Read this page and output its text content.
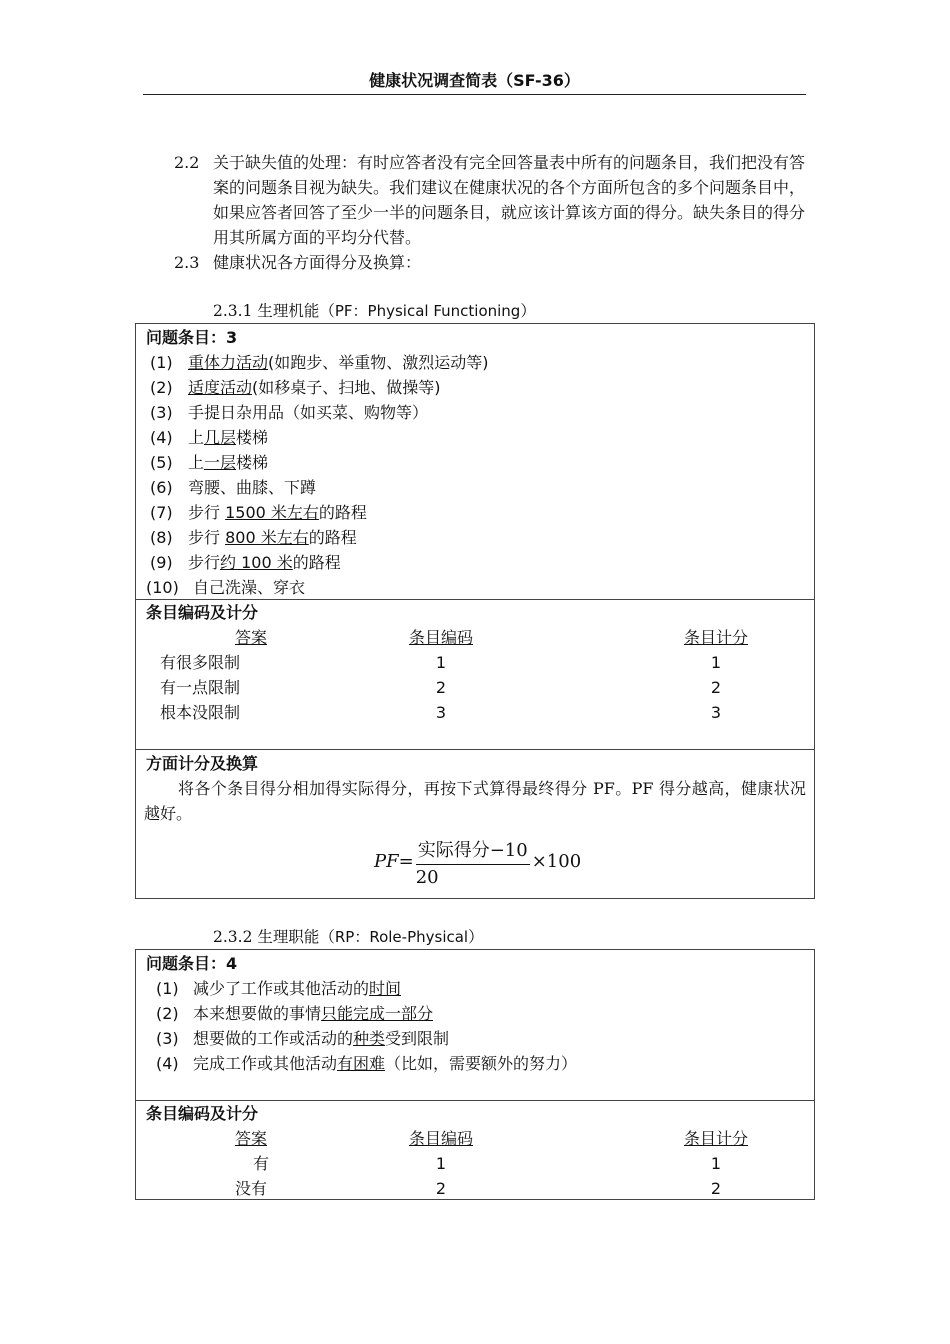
健康状况调查简表（SF-36）
2.2 关于缺失值的处理：有时应答者没有完全回答量表中所有的问题条目，我们把没有答案的问题条目视为缺失。我们建议在健康状况的各个方面所包含的多个问题条目中，如果应答者回答了至少一半的问题条目，就应该计算该方面的得分。缺失条目的得分用其所属方面的平均分代替。
2.3 健康状况各方面得分及换算：
2.3.1 生理机能（PF：Physical Functioning）
问题条目：3
(1) 重体力活动(如跑步、举重物、激烈运动等)
(2) 适度活动(如移桌子、扫地、做操等)
(3) 手提日杂用品（如买菜、购物等）
(4) 上几层楼梯
(5) 上一层楼梯
(6) 弯腰、曲膝、下蹲
(7) 步行 1500 米左右的路程
(8) 步行 800 米左右的路程
(9) 步行约 100 米的路程
(10) 自己洗澡、穿衣
条目编码及计分
答案	条目编码	条目计分
有很多限制	1	1
有一点限制	2	2
根本没限制	3	3
方面计分及换算
将各个条目得分相加得实际得分，再按下式算得最终得分 PF。PF 得分越高，健康状况越好。
$PF= \frac{\text{实际得分−10}}{20} \times 100$
2.3.2 生理职能（RP：Role-Physical）
问题条目：4
(1) 减少了工作或其他活动的时间
(2) 本来想要做的事情只能完成一部分
(3) 想要做的工作或活动的种类受到限制
(4) 完成工作或其他活动有困难（比如，需要额外的努力）
条目编码及计分
答案	条目编码	条目计分
有	1	1
没有	2	2
